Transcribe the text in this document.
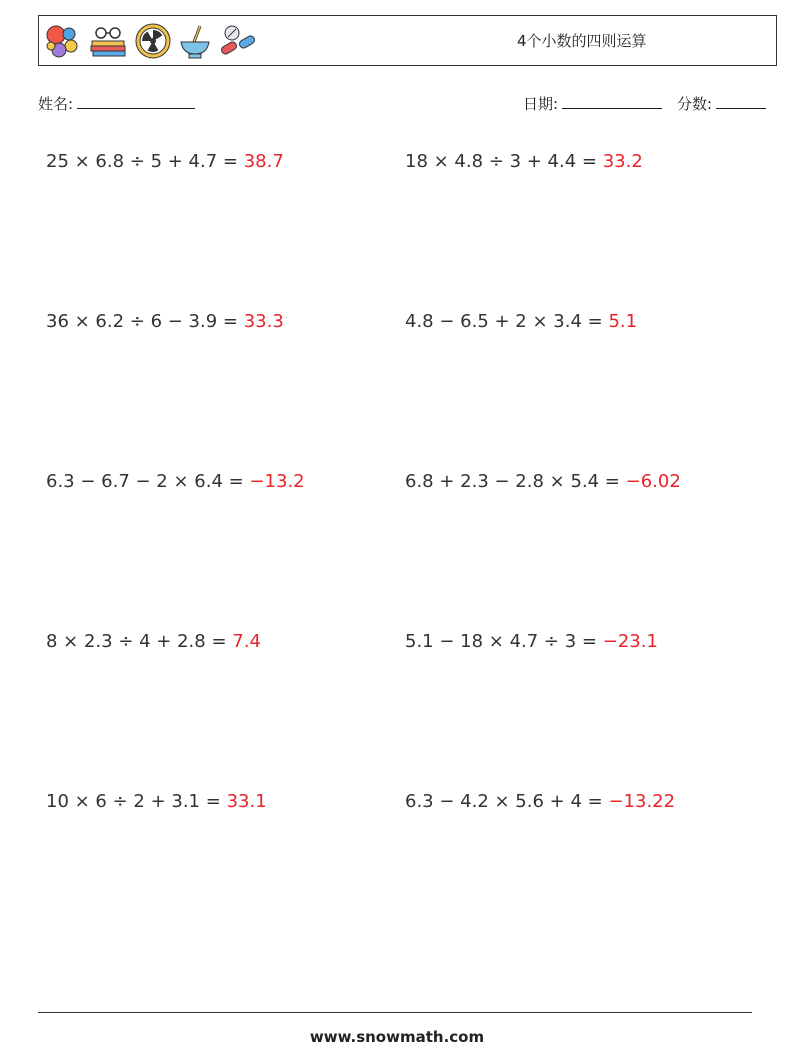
4个小数的四则运算
姓名:	日期:	分数:
25 × 6.8 ÷ 5 + 4.7 = 38.7	18 × 4.8 ÷ 3 + 4.4 = 33.2
36 × 6.2 ÷ 6 − 3.9 = 33.3	4.8 − 6.5 + 2 × 3.4 = 5.1
6.3 − 6.7 − 2 × 6.4 = −13.2	6.8 + 2.3 − 2.8 × 5.4 = −6.02
8 × 2.3 ÷ 4 + 2.8 = 7.4	5.1 − 18 × 4.7 ÷ 3 = −23.1
10 × 6 ÷ 2 + 3.1 = 33.1	6.3 − 4.2 × 5.6 + 4 = −13.22
www.snowmath.com
